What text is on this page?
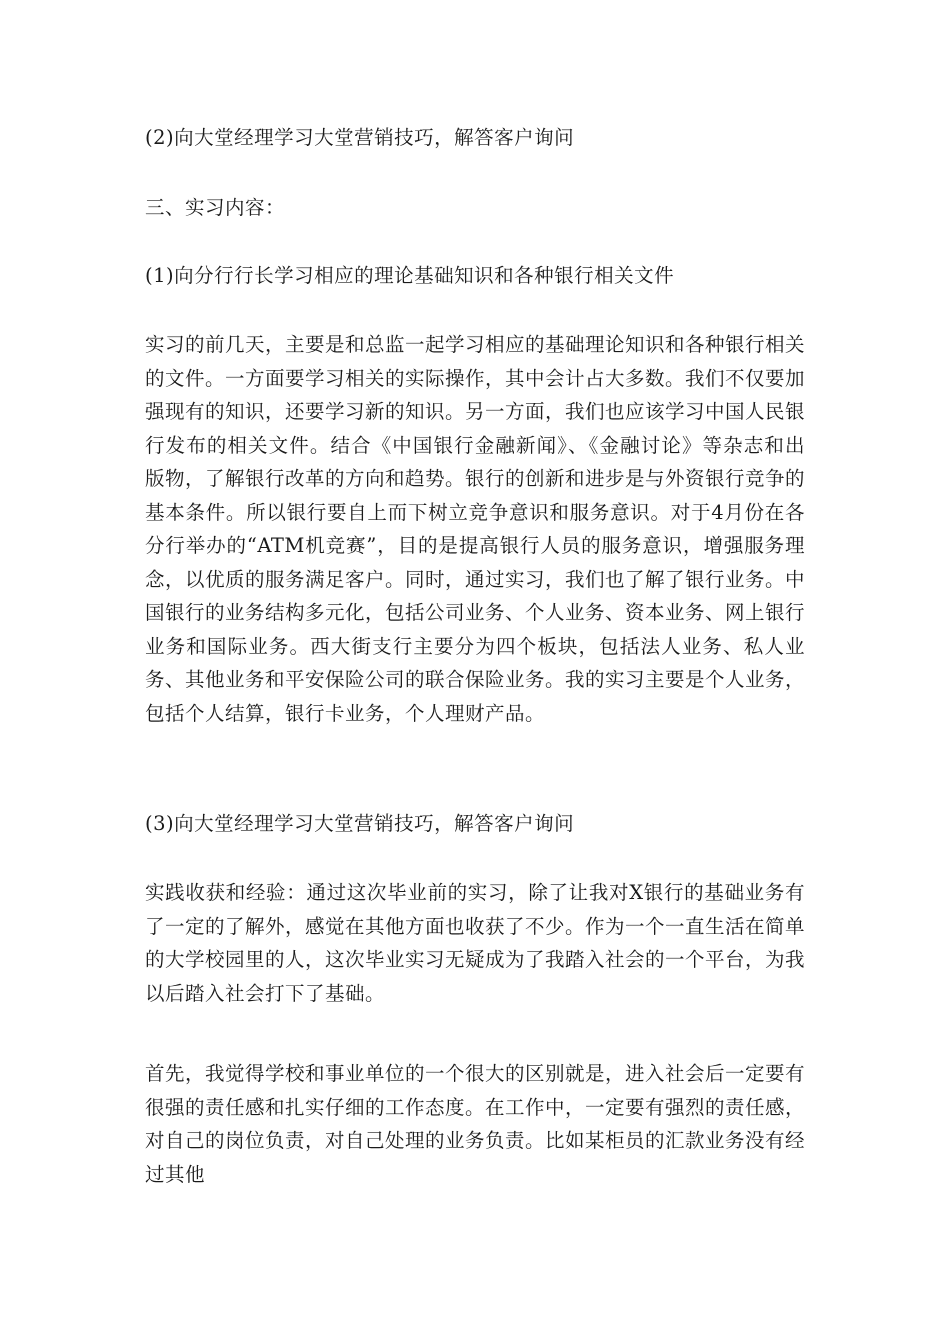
(2)向大堂经理学习大堂营销技巧，解答客户询问

三、实习内容：

(1)向分行行长学习相应的理论基础知识和各种银行相关文件

实习的前几天，主要是和总监一起学习相应的基础理论知识和各种银行相关的文件。一方面要学习相关的实际操作，其中会计占大多数。我们不仅要加强现有的知识，还要学习新的知识。另一方面，我们也应该学习中国人民银行发布的相关文件。结合《中国银行金融新闻》、《金融讨论》等杂志和出版物，了解银行改革的方向和趋势。银行的创新和进步是与外资银行竞争的基本条件。所以银行要自上而下树立竞争意识和服务意识。对于4月份在各分行举办的“ATM机竞赛”，目的是提高银行人员的服务意识，增强服务理念，以优质的服务满足客户。同时，通过实习，我们也了解了银行业务。中国银行的业务结构多元化，包括公司业务、个人业务、资本业务、网上银行业务和国际业务。西大街支行主要分为四个板块，包括法人业务、私人业务、其他业务和平安保险公司的联合保险业务。我的实习主要是个人业务，包括个人结算，银行卡业务，个人理财产品。

(3)向大堂经理学习大堂营销技巧，解答客户询问

实践收获和经验：通过这次毕业前的实习，除了让我对X银行的基础业务有了一定的了解外，感觉在其他方面也收获了不少。作为一个一直生活在简单的大学校园里的人，这次毕业实习无疑成为了我踏入社会的一个平台，为我以后踏入社会打下了基础。

首先，我觉得学校和事业单位的一个很大的区别就是，进入社会后一定要有很强的责任感和扎实仔细的工作态度。在工作中，一定要有强烈的责任感，对自己的岗位负责，对自己处理的业务负责。比如某柜员的汇款业务没有经过其他
